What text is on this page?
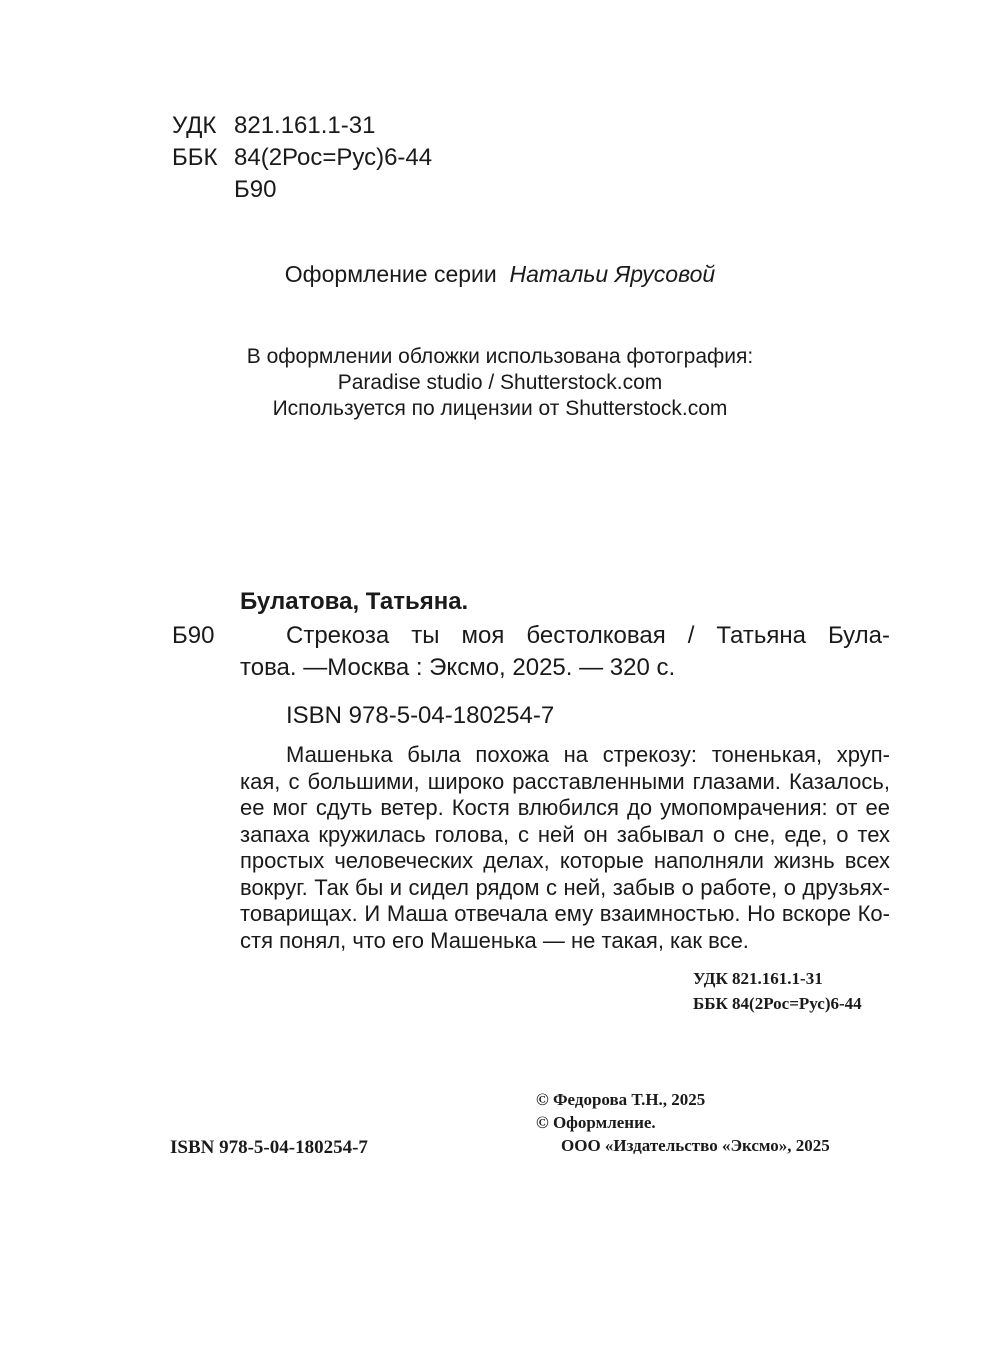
УДК 821.161.1-31
ББК 84(2Рос=Рус)6-44
Б90
Оформление серии Натальи Ярусовой
В оформлении обложки использована фотография:
Paradise studio / Shutterstock.com
Используется по лицензии от Shutterstock.com
Булатова, Татьяна.
Б90	Стрекоза ты моя бестолковая / Татьяна Була-
това. —Москва : Эксмо, 2025. — 320 с.
ISBN 978-5-04-180254-7
Машенька была похожа на стрекозу: тоненькая, хруп-
кая, с большими, широко расставленными глазами. Казалось,
ее мог сдуть ветер. Костя влюбился до умопомрачения: от ее
запаха кружилась голова, с ней он забывал о сне, еде, о тех
простых человеческих делах, которые наполняли жизнь всех
вокруг. Так бы и сидел рядом с ней, забыв о работе, о друзьях-
товарищах. И Маша отвечала ему взаимностью. Но вскоре Ко-
стя понял, что его Машенька — не такая, как все.
УДК 821.161.1-31
ББК 84(2Рос=Рус)6-44
© Федорова Т.Н., 2025
© Оформление.
ООО «Издательство «Эксмо», 2025
ISBN 978-5-04-180254-7
